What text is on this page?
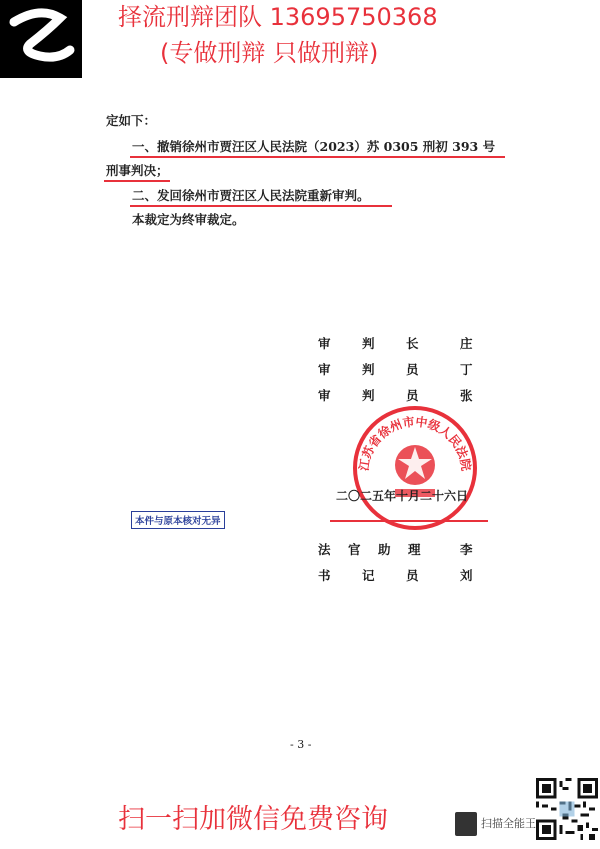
择流刑辩团队 13695750368
(专做刑辩 只做刑辩)
定如下：
一、撤销徐州市贾汪区人民法院（2023）苏 0305 刑初 393 号
刑事判决；
二、发回徐州市贾汪区人民法院重新审判。
本裁定为终审裁定。
审	判	长	庄
审	判	员	丁
审	判	员	张
江苏省徐州市中级人民法院
二〇二五年十月二十六日
本件与原本核对无异
法 官 助 理	李
书	记	员	刘
- 3 -
扫一扫加微信免费咨询	扫描全能王
